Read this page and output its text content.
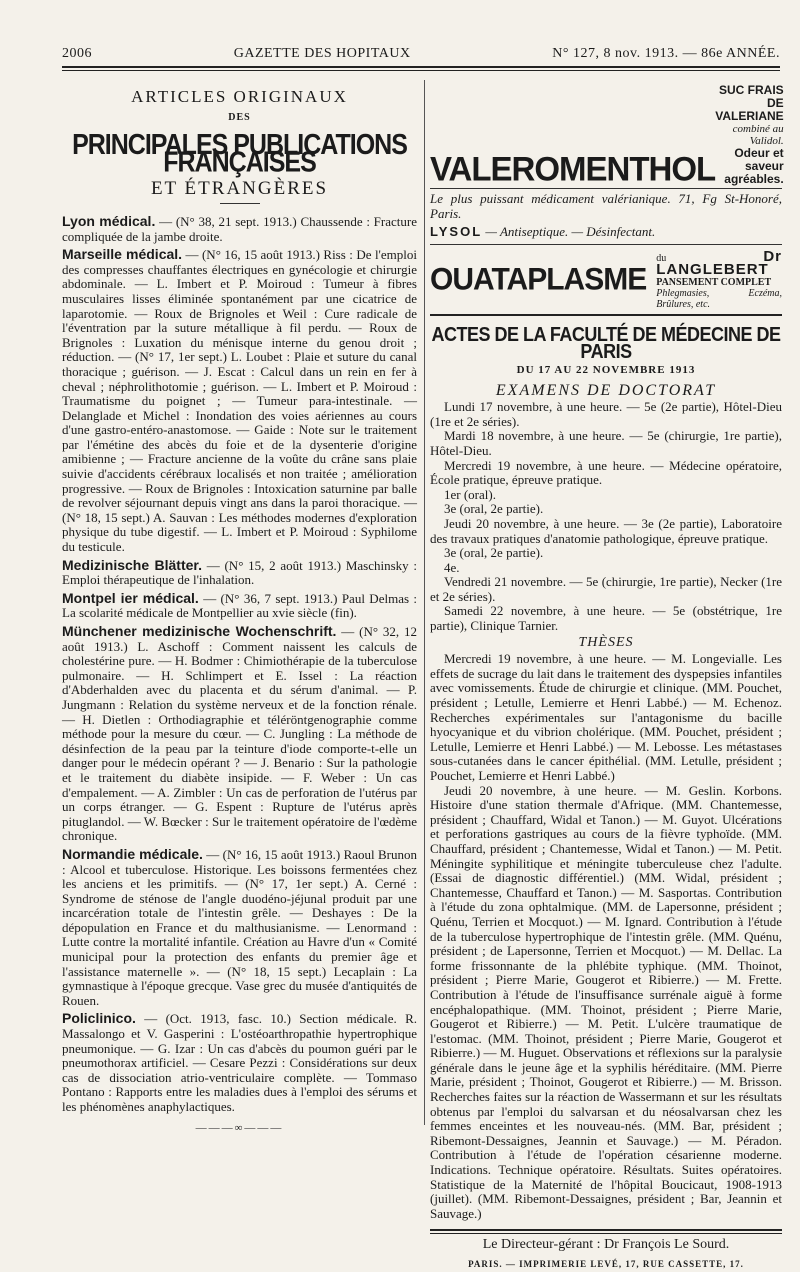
2006	GAZETTE DES HOPITAUX	N° 127, 8 nov. 1913. — 86e ANNÉE.
ARTICLES ORIGINAUX
DES
PRINCIPALES PUBLICATIONS FRANÇAISES
ET ÉTRANGÈRES

Lyon médical. — (N° 38, 21 sept. 1913.) Chaussende : Fracture compliquée de la jambe droite.

Marseille médical. — (N° 16, 15 août 1913.) Riss : De l'emploi des compresses chauffantes électriques en gynécologie et chirurgie abdominale. — L. Imbert et P. Moiroud : Tumeur à fibres musculaires lisses éliminée spontanément par une cicatrice de laparotomie. — Roux de Brignoles et Weil : Cure radicale de l'éventration par la suture métallique à fil perdu. — Roux de Brignoles : Luxation du ménisque interne du genou droit ; réduction. — (N° 17, 1er sept.) L. Loubet : Plaie et suture du canal thoracique ; guérison. — J. Escat : Calcul dans un rein en fer à cheval ; néphrolithotomie ; guérison. — L. Imbert et P. Moiroud : Traumatisme du poignet ; — Tumeur para-intestinale. — Delanglade et Michel : Inondation des voies aériennes au cours d'une gastro-entéro-anastomose. — Gaide : Note sur le traitement par l'émétine des abcès du foie et de la dysenterie d'origine amibienne ; — Fracture ancienne de la voûte du crâne sans plaie suivie d'accidents cérébraux localisés et non traitée ; amélioration progressive. — Roux de Brignoles : Intoxication saturnine par balle de revolver séjournant depuis vingt ans dans la paroi thoracique. — (N° 18, 15 sept.) A. Sauvan : Les méthodes modernes d'exploration physique du tube digestif. — L. Imbert et P. Moiroud : Syphilome du testicule.

Medizinische Blätter. — (N° 15, 2 août 1913.) Maschinsky : Emploi thérapeutique de l'inhalation.

Montpel ier médical. — (N° 36, 7 sept. 1913.) Paul Delmas : La scolarité médicale de Montpellier au xvie siècle (fin).

Münchener medizinische Wochenschrift. — (N° 32, 12 août 1913.) L. Aschoff : Comment naissent les calculs de cholestérine pure. — H. Bodmer : Chimiothérapie de la tuberculose pulmonaire. — H. Schlimpert et E. Issel : La réaction d'Abderhalden avec du placenta et du sérum d'animal. — P. Jungmann : Relation du système nerveux et de la fonction rénale. — H. Dietlen : Orthodiagraphie et téléröntgenographie comme méthode pour la mesure du cœur. — C. Jungling : La méthode de désinfection de la peau par la teinture d'iode comporte-t-elle un danger pour le médecin opérant ? — J. Benario : Sur la pathologie et le traitement du diabète insipide. — F. Weber : Un cas d'empalement. — A. Zimbler : Un cas de perforation de l'utérus par un corps étranger. — G. Espent : Rupture de l'utérus après pituglandol. — W. Bœcker : Sur le traitement opératoire de l'œdème chronique.

Normandie médicale. — (N° 16, 15 août 1913.) Raoul Brunon : Alcool et tuberculose. Historique. Les boissons fermentées chez les anciens et les primitifs. — (N° 17, 1er sept.) A. Cerné : Syndrome de sténose de l'angle duodéno-jéjunal produit par une incarcération totale de l'intestin grêle. — Deshayes : De la dépopulation en France et du malthusianisme. — Lenormand : Lutte contre la mortalité infantile. Création au Havre d'un « Comité municipal pour la protection des enfants du premier âge et l'assistance maternelle ». — (N° 18, 15 sept.) Lecaplain : La gymnastique à l'époque grecque. Vase grec du musée d'antiquités de Rouen.

Policlinico. — (Oct. 1913, fasc. 10.) Section médicale. R. Massalongo et V. Gasperini : L'ostéoarthropathie hypertrophique pneumonique. — G. Izar : Un cas d'abcès du poumon guéri par le pneumothorax artificiel. — Cesare Pezzi : Considérations sur deux cas de dissociation atrio-ventriculaire complète. — Tommaso Pontano : Rapports entre les maladies dues à l'emploi des sérums et les phénomènes anaphylactiques.

———∞———
VALEROMENTHOL
SUC FRAIS DE VALERIANE
combiné au Validol.
Odeur et saveur agréables.
Le plus puissant médicament valérianique. 71, Fg St-Honoré, Paris.
LYSOL — Antiseptique. — Désinfectant.
OUATAPLASME
du	Dr LANGLEBERT
PANSEMENT COMPLET
Phlegmasies, Eczéma, Brûlures, etc.
ACTES DE LA FACULTÉ DE MÉDECINE DE PARIS
DU 17 AU 22 NOVEMBRE 1913
EXAMENS DE DOCTORAT

Lundi 17 novembre, à une heure. — 5e (2e partie), Hôtel-Dieu (1re et 2e séries).

Mardi 18 novembre, à une heure. — 5e (chirurgie, 1re partie), Hôtel-Dieu.

Mercredi 19 novembre, à une heure. — Médecine opératoire, École pratique, épreuve pratique.

1er (oral).

3e (oral, 2e partie).

Jeudi 20 novembre, à une heure. — 3e (2e partie), Laboratoire des travaux pratiques d'anatomie pathologique, épreuve pratique.

3e (oral, 2e partie).

4e.

Vendredi 21 novembre. — 5e (chirurgie, 1re partie), Necker (1re et 2e séries).

Samedi 22 novembre, à une heure. — 5e (obstétrique, 1re partie), Clinique Tarnier.

THÈSES

Mercredi 19 novembre, à une heure. — M. Longevialle. Les effets de sucrage du lait dans le traitement des dyspepsies infantiles avec vomissements. Étude de chirurgie et clinique. (MM. Pouchet, président ; Letulle, Lemierre et Henri Labbé.) — M. Echenoz. Recherches expérimentales sur l'antagonisme du bacille hyocyanique et du vibrion cholérique. (MM. Pouchet, président ; Letulle, Lemierre et Henri Labbé.) — M. Lebosse. Les métastases sous-cutanées dans le cancer épithélial. (MM. Letulle, président ; Pouchet, Lemierre et Henri Labbé.)

Jeudi 20 novembre, à une heure. — M. Geslin. Korbons. Histoire d'une station thermale d'Afrique. (MM. Chantemesse, président ; Chauffard, Widal et Tanon.) — M. Guyot. Ulcérations et perforations gastriques au cours de la fièvre typhoïde. (MM. Chauffard, président ; Chantemesse, Widal et Tanon.) — M. Petit. Méningite syphilitique et méningite tuberculeuse chez l'adulte. (Essai de diagnostic différentiel.) (MM. Widal, président ; Chantemesse, Chauffard et Tanon.) — M. Sasportas. Contribution à l'étude du zona ophtalmique. (MM. de Lapersonne, président ; Quénu, Terrien et Mocquot.) — M. Ignard. Contribution à l'étude de la tuberculose hypertrophique de l'intestin grêle. (MM. Quénu, président ; de Lapersonne, Terrien et Mocquot.) — M. Dellac. La forme frissonnante de la phlébite typhique. (MM. Thoinot, président ; Pierre Marie, Gougerot et Ribierre.) — M. Frette. Contribution à l'étude de l'insuffisance surrénale aiguë à forme encéphalopathique. (MM. Thoinot, président ; Pierre Marie, Gougerot et Ribierre.) — M. Petit. L'ulcère traumatique de l'estomac. (MM. Thoinot, président ; Pierre Marie, Gougerot et Ribierre.) — M. Huguet. Observations et réflexions sur la paralysie générale dans le jeune âge et la syphilis héréditaire. (MM. Pierre Marie, président ; Thoinot, Gougerot et Ribierre.) — M. Brisson. Recherches faites sur la réaction de Wassermann et sur les résultats obtenus par l'emploi du salvarsan et du néosalvarsan chez les femmes enceintes et les nouveau-nés. (MM. Bar, président ; Ribemont-Dessaignes, Jeannin et Sauvage.) — M. Péradon. Contribution à l'étude de l'opération césarienne moderne. Indications. Technique opératoire. Résultats. Suites opératoires. Statistique de la Maternité de l'hôpital Boucicaut, 1908-1913 (juillet). (MM. Ribemont-Dessaignes, président ; Bar, Jeannin et Sauvage.)

Le Directeur-gérant : Dr François Le Sourd.
PARIS. — IMPRIMERIE LEVÉ, 17, RUE CASSETTE, 17.
